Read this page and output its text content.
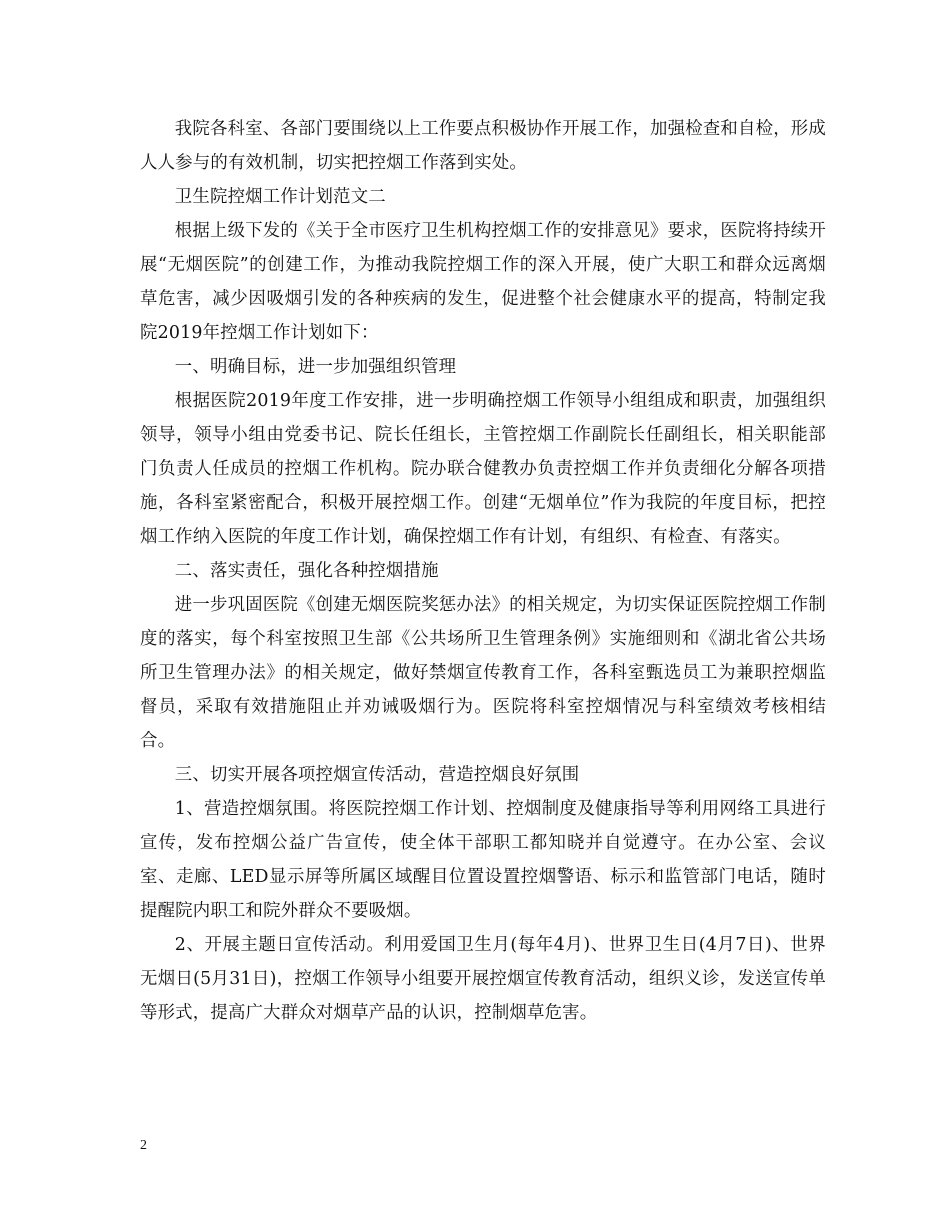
我院各科室、各部门要围绕以上工作要点积极协作开展工作，加强检查和自检，形成人人参与的有效机制，切实把控烟工作落到实处。

卫生院控烟工作计划范文二

根据上级下发的《关于全市医疗卫生机构控烟工作的安排意见》要求，医院将持续开展“无烟医院”的创建工作，为推动我院控烟工作的深入开展，使广大职工和群众远离烟草危害，减少因吸烟引发的各种疾病的发生，促进整个社会健康水平的提高，特制定我院2019年控烟工作计划如下：

一、明确目标，进一步加强组织管理

根据医院2019年度工作安排，进一步明确控烟工作领导小组组成和职责，加强组织领导，领导小组由党委书记、院长任组长，主管控烟工作副院长任副组长，相关职能部门负责人任成员的控烟工作机构。院办联合健教办负责控烟工作并负责细化分解各项措施，各科室紧密配合，积极开展控烟工作。创建“无烟单位”作为我院的年度目标，把控烟工作纳入医院的年度工作计划，确保控烟工作有计划，有组织、有检查、有落实。

二、落实责任，强化各种控烟措施

进一步巩固医院《创建无烟医院奖惩办法》的相关规定，为切实保证医院控烟工作制度的落实，每个科室按照卫生部《公共场所卫生管理条例》实施细则和《湖北省公共场所卫生管理办法》的相关规定，做好禁烟宣传教育工作，各科室甄选员工为兼职控烟监督员，采取有效措施阻止并劝诫吸烟行为。医院将科室控烟情况与科室绩效考核相结合。

三、切实开展各项控烟宣传活动，营造控烟良好氛围

1、营造控烟氛围。将医院控烟工作计划、控烟制度及健康指导等利用网络工具进行宣传，发布控烟公益广告宣传，使全体干部职工都知晓并自觉遵守。在办公室、会议室、走廊、LED显示屏等所属区域醒目位置设置控烟警语、标示和监管部门电话，随时提醒院内职工和院外群众不要吸烟。

2、开展主题日宣传活动。利用爱国卫生月(每年4月)、世界卫生日(4月7日)、世界无烟日(5月31日)，控烟工作领导小组要开展控烟宣传教育活动，组织义诊，发送宣传单等形式，提高广大群众对烟草产品的认识，控制烟草危害。

2
